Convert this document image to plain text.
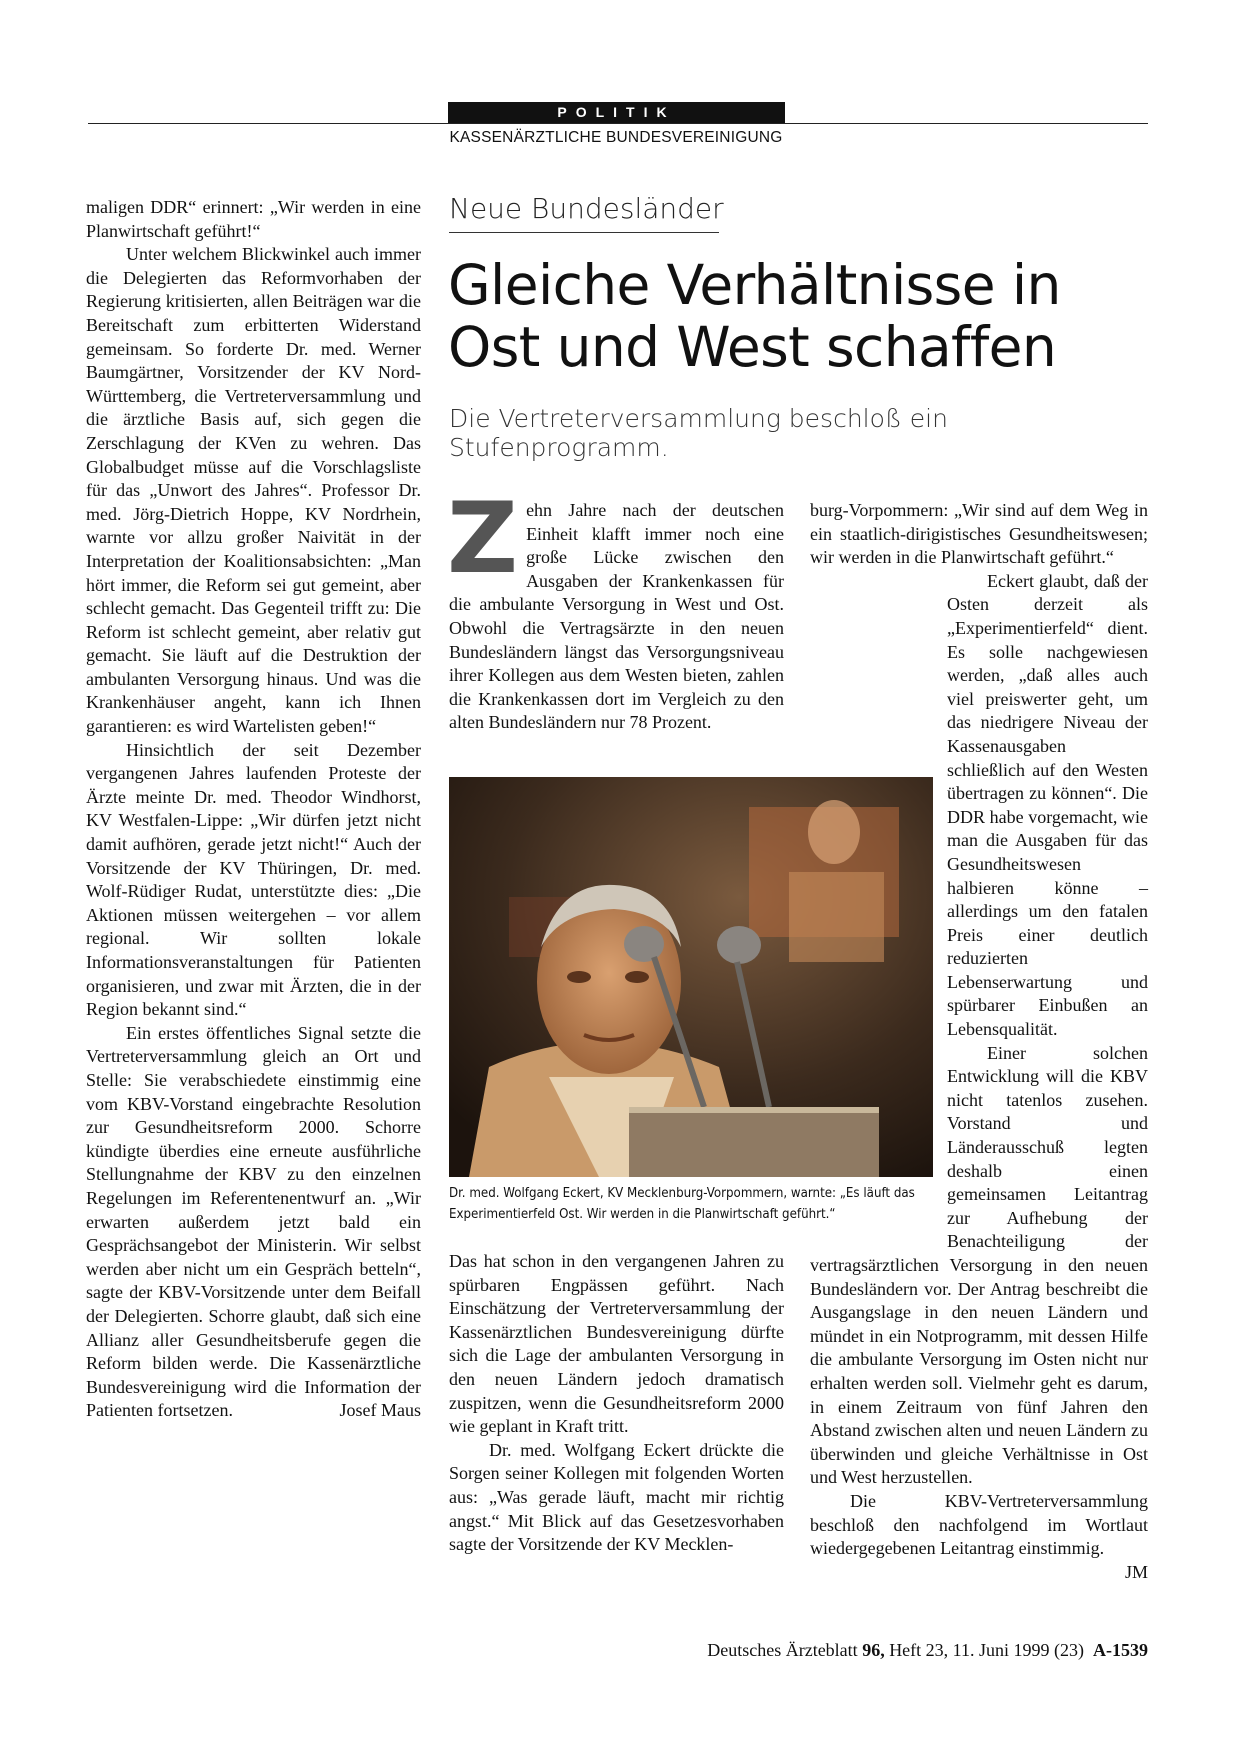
POLITIK
KASSENÄRZTLICHE BUNDESVEREINIGUNG
Neue Bundesländer
Gleiche Verhältnisse in
Ost und West schaffen
Die Vertreterversammlung beschloß ein Stufenprogramm.

maligen DDR“ erinnert: „Wir werden in eine Planwirtschaft geführt!“

Unter welchem Blickwinkel auch immer die Delegierten das Reformvorhaben der Regierung kritisierten, allen Beiträgen war die Bereitschaft zum erbitterten Widerstand gemeinsam. So forderte Dr. med. Werner Baumgärtner, Vorsitzender der KV Nord-Württemberg, die Vertreterversammlung und die ärztliche Basis auf, sich gegen die Zerschlagung der KVen zu wehren. Das Globalbudget müsse auf die Vorschlagsliste für das „Unwort des Jahres“. Professor Dr. med. Jörg-Dietrich Hoppe, KV Nordrhein, warnte vor allzu großer Naivität in der Interpretation der Koalitionsabsichten: „Man hört immer, die Reform sei gut gemeint, aber schlecht gemacht. Das Gegenteil trifft zu: Die Reform ist schlecht gemeint, aber relativ gut gemacht. Sie läuft auf die Destruktion der ambulanten Versorgung hinaus. Und was die Krankenhäuser angeht, kann ich Ihnen garantieren: es wird Wartelisten geben!“

Hinsichtlich der seit Dezember vergangenen Jahres laufenden Proteste der Ärzte meinte Dr. med. Theodor Windhorst, KV Westfalen-Lippe: „Wir dürfen jetzt nicht damit aufhören, gerade jetzt nicht!“ Auch der Vorsitzende der KV Thüringen, Dr. med. Wolf-Rüdiger Rudat, unterstützte dies: „Die Aktionen müssen weitergehen – vor allem regional. Wir sollten lokale Informationsveranstaltungen für Patienten organisieren, und zwar mit Ärzten, die in der Region bekannt sind.“

Ein erstes öffentliches Signal setzte die Vertreterversammlung gleich an Ort und Stelle: Sie verabschiedete einstimmig eine vom KBV-Vorstand eingebrachte Resolution zur Gesundheitsreform 2000. Schorre kündigte überdies eine erneute ausführliche Stellungnahme der KBV zu den einzelnen Regelungen im Referentenentwurf an. „Wir erwarten außerdem jetzt bald ein Gesprächsangebot der Ministerin. Wir selbst werden aber nicht um ein Gespräch betteln“, sagte der KBV-Vorsitzende unter dem Beifall der Delegierten. Schorre glaubt, daß sich eine Allianz aller Gesundheitsberufe gegen die Reform bilden werde. Die Kassenärztliche Bundesvereinigung wird die Information der Patienten fortsetzen.	Josef Maus

Zehn Jahre nach der deutschen Einheit klafft immer noch eine große Lücke zwischen den Ausgaben der Krankenkassen für die ambulante Versorgung in West und Ost. Obwohl die Vertragsärzte in den neuen Bundesländern längst das Versorgungsniveau ihrer Kollegen aus dem Westen bieten, zahlen die Krankenkassen dort im Vergleich zu den alten Bundesländern nur 78 Prozent.

Dr. med. Wolfgang Eckert, KV Mecklenburg-Vorpommern, warnte: „Es läuft das Experimentierfeld Ost. Wir werden in die Planwirtschaft geführt.“

Das hat schon in den vergangenen Jahren zu spürbaren Engpässen geführt. Nach Einschätzung der Vertreterversammlung der Kassenärztlichen Bundesvereinigung dürfte sich die Lage der ambulanten Versorgung in den neuen Ländern jedoch dramatisch zuspitzen, wenn die Gesundheitsreform 2000 wie geplant in Kraft tritt.

Dr. med. Wolfgang Eckert drückte die Sorgen seiner Kollegen mit folgenden Worten aus: „Was gerade läuft, macht mir richtig angst.“ Mit Blick auf das Gesetzesvorhaben sagte der Vorsitzende der KV Mecklen-

burg-Vorpommern: „Wir sind auf dem Weg in ein staatlich-dirigistisches Gesundheitswesen; wir werden in die Planwirtschaft geführt.“

Eckert glaubt, daß der Osten derzeit als „Experimentierfeld“ dient. Es solle nachgewiesen werden, „daß alles auch viel preiswerter geht, um das niedrigere Niveau der Kassenausgaben schließlich auf den Westen übertragen zu können“. Die DDR habe vorgemacht, wie man die Ausgaben für das Gesundheitswesen halbieren könne – allerdings um den fatalen Preis einer deutlich reduzierten Lebenserwartung und spürbarer Einbußen an Lebensqualität.

Einer solchen Entwicklung will die KBV nicht tatenlos zusehen. Vorstand und Länderausschuß legten deshalb einen gemeinsamen Leitantrag zur Aufhebung der Benachteiligung der vertragsärztlichen Versorgung in den neuen Bundesländern vor. Der Antrag beschreibt die Ausgangslage in den neuen Ländern und mündet in ein Notprogramm, mit dessen Hilfe die ambulante Versorgung im Osten nicht nur erhalten werden soll. Vielmehr geht es darum, in einem Zeitraum von fünf Jahren den Abstand zwischen alten und neuen Ländern zu überwinden und gleiche Verhältnisse in Ost und West herzustellen.

Die KBV-Vertreterversammlung beschloß den nachfolgend im Wortlaut wiedergegebenen Leitantrag einstimmig.
JM

Deutsches Ärzteblatt 96, Heft 23, 11. Juni 1999 (23) A-1539
